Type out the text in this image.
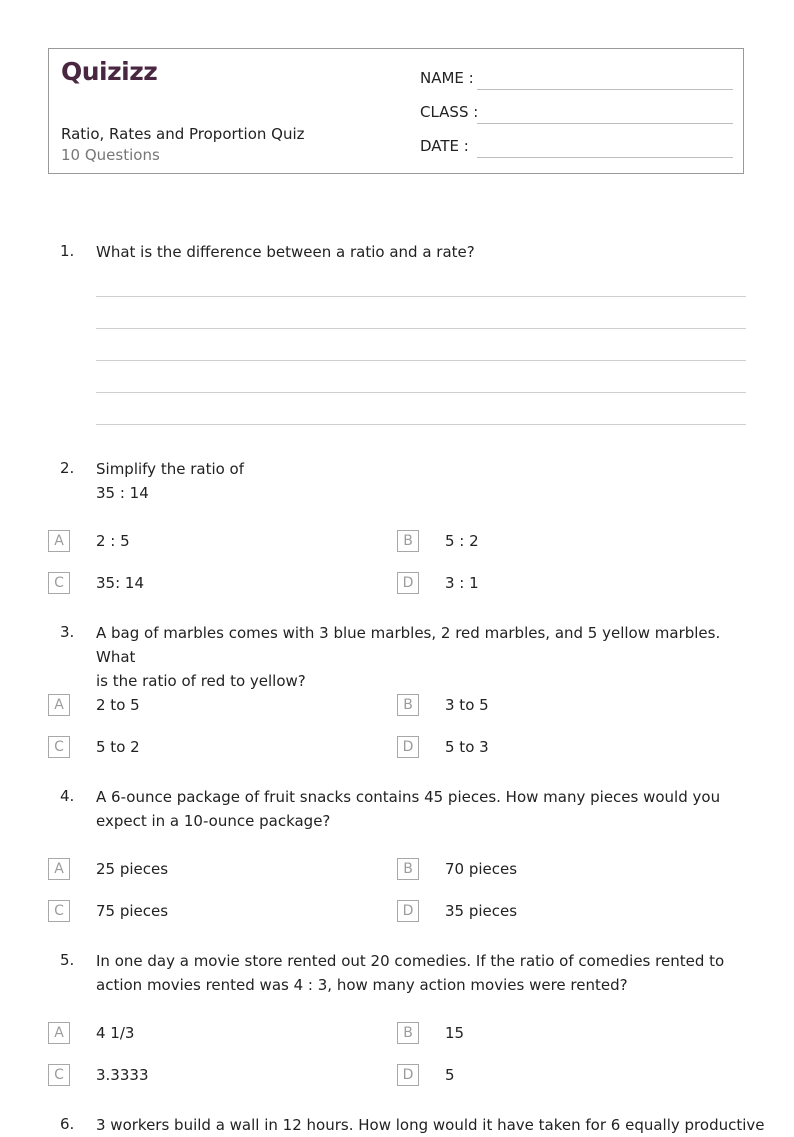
Quizizz
Ratio, Rates and Proportion Quiz
10 Questions
NAME :
CLASS :
DATE :
1. What is the difference between a ratio and a rate?
2. Simplify the ratio of
35 : 14
A	2 : 5	B	5 : 2
C	35: 14	D	3 : 1
3. A bag of marbles comes with 3 blue marbles, 2 red marbles, and 5 yellow marbles. What
is the ratio of red to yellow?
A	2 to 5	B	3 to 5
C	5 to 2	D	5 to 3
4. A 6-ounce package of fruit snacks contains 45 pieces. How many pieces would you
expect in a 10-ounce package?
A	25 pieces	B	70 pieces
C	75 pieces	D	35 pieces
5. In one day a movie store rented out 20 comedies. If the ratio of comedies rented to
action movies rented was 4 : 3, how many action movies were rented?
A	4 1/3	B	15
C	3.3333	D	5
6. 3 workers build a wall in 12 hours. How long would it have taken for 6 equally productive
